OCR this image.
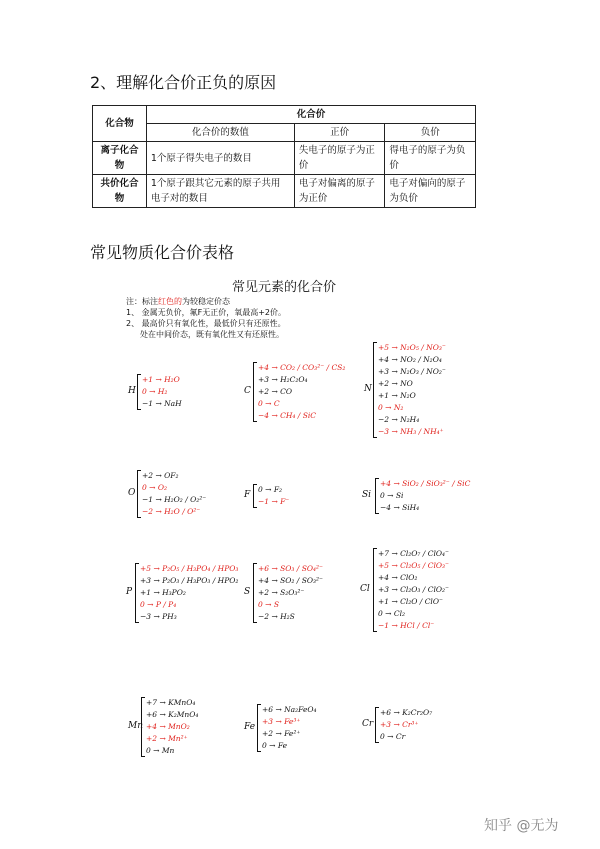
2、理解化合价正负的原因
化合物	化合价		
	化合价的数值	正价	负价
离子化合物	1个原子得失电子的数目	失电子的原子为正价	得电子的原子为负价
共价化合物	1个原子跟其它元素的原子共用电子对的数目	电子对偏离的原子为正价	电子对偏向的原子为负价
常见物质化合价表格
常见元素的化合价
注：标注红色的为较稳定价态
1、 金属无负价，氟F无正价，氧最高+2价。
2、 最高价只有氧化性，最低价只有还原性。
处在中间价态，既有氧化性又有还原性。
H
+1 → H₂O
0 → H₂
−1 → NaH
C
+4 → CO₂ / CO₃²⁻ / CS₂
+3 → H₂C₂O₄
+2 → CO
0 → C
−4 → CH₄ / SiC
N
+5 → N₂O₅ / NO₃⁻
+4 → NO₂ / N₂O₄
+3 → N₂O₃ / NO₂⁻
+2 → NO
+1 → N₂O
0 → N₂
−2 → N₂H₄
−3 → NH₃ / NH₄⁺
O
+2 → OF₂
0 → O₂
−1 → H₂O₂ / O₂²⁻
−2 → H₂O / O²⁻
F
0 → F₂
−1 → F⁻
Si
+4 → SiO₂ / SiO₃²⁻ / SiC
0 → Si
−4 → SiH₄
P
+5 → P₂O₅ / H₃PO₄ / HPO₃
+3 → P₂O₃ / H₃PO₃ / HPO₂
+1 → H₃PO₂
0 → P / P₄
−3 → PH₃
S
+6 → SO₃ / SO₄²⁻
+4 → SO₂ / SO₃²⁻
+2 → S₂O₃²⁻
0 → S
−2 → H₂S
Cl
+7 → Cl₂O₇ / ClO₄⁻
+5 → Cl₂O₅ / ClO₃⁻
+4 → ClO₂
+3 → Cl₂O₃ / ClO₂⁻
+1 → Cl₂O / ClO⁻
0 → Cl₂
−1 → HCl / Cl⁻
Mn
+7 → KMnO₄
+6 → K₂MnO₄
+4 → MnO₂
+2 → Mn²⁺
0 → Mn
Fe
+6 → Na₂FeO₄
+3 → Fe³⁺
+2 → Fe²⁺
0 → Fe
Cr
+6 → K₂Cr₂O₇
+3 → Cr³⁺
0 → Cr
知乎 @无为
